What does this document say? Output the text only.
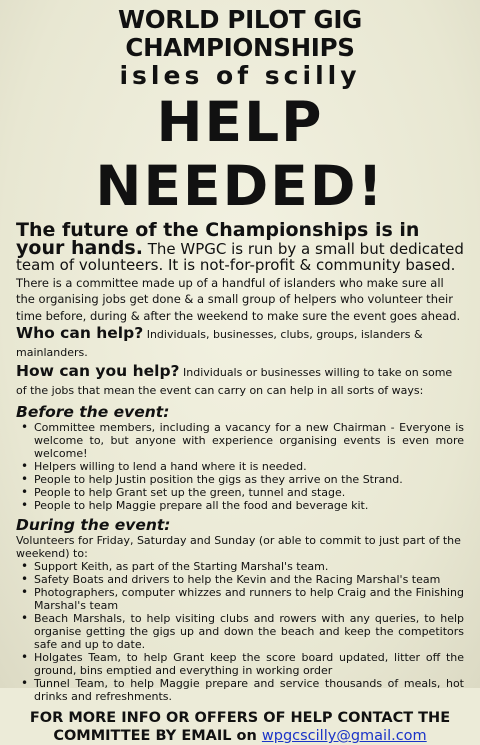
WORLD PILOT GIG CHAMPIONSHIPS

isles of scilly

HELP NEEDED!

The future of the Championships is in your hands. The WPGC is run by a small but dedicated team of volunteers. It is not-for-profit & community based. There is a committee made up of a handful of islanders who make sure all the organising jobs get done & a small group of helpers who volunteer their time before, during & after the weekend to make sure the event goes ahead.

Who can help? Individuals, businesses, clubs, groups, islanders & mainlanders.

How can you help? Individuals or businesses willing to take on some of the jobs that mean the event can carry on can help in all sorts of ways:

Before the event:

• Committee members, including a vacancy for a new Chairman - Everyone is welcome to, but anyone with experience organising events is even more welcome!
• Helpers willing to lend a hand where it is needed.
• People to help Justin position the gigs as they arrive on the Strand.
• People to help Grant set up the green, tunnel and stage.
• People to help Maggie prepare all the food and beverage kit.

During the event:

Volunteers for Friday, Saturday and Sunday (or able to commit to just part of the weekend) to:

• Support Keith, as part of the Starting Marshal's team.
• Safety Boats and drivers to help the Kevin and the Racing Marshal's team
• Photographers, computer whizzes and runners to help Craig and the Finishing Marshal's team
• Beach Marshals, to help visiting clubs and rowers with any queries, to help organise getting the gigs up and down the beach and keep the competitors safe and up to date.
• Holgates Team, to help Grant keep the score board updated, litter off the ground, bins emptied and everything in working order
• Tunnel Team, to help Maggie prepare and service thousands of meals, hot drinks and refreshments.

FOR MORE INFO OR OFFERS OF HELP CONTACT THE
COMMITTEE BY EMAIL on wpgcscilly@gmail.com
